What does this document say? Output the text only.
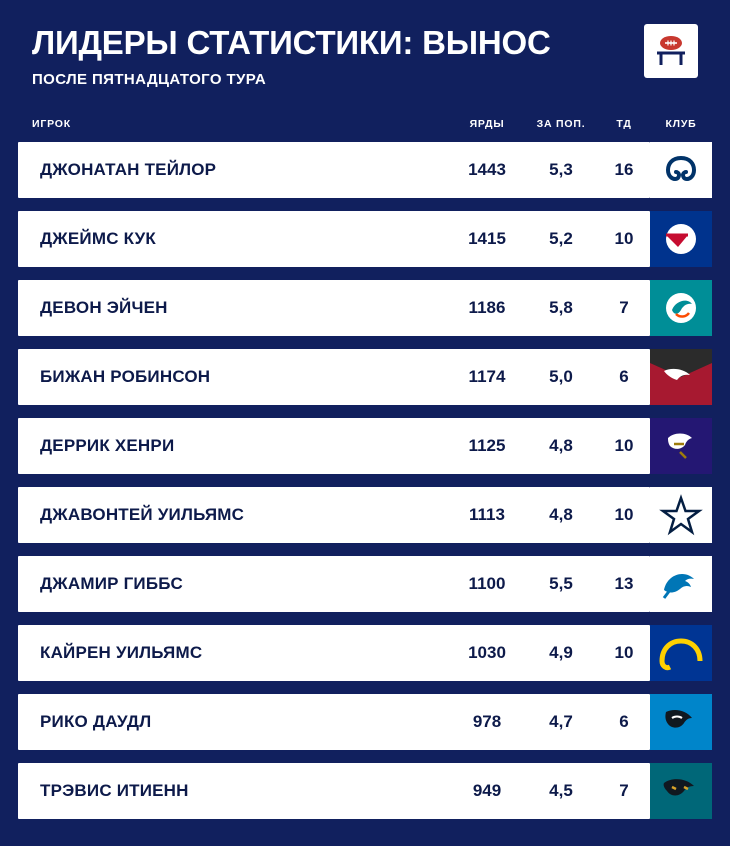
ЛИДЕРЫ СТАТИСТИКИ: ВЫНОС
ПОСЛЕ ПЯТНАДЦАТОГО ТУРА
ИГРОК	ЯРДЫ	ЗА ПОП.	ТД	КЛУБ
ДЖОНАТАН ТЕЙЛОР	1443	5,3	16
ДЖЕЙМС КУК	1415	5,2	10
ДЕВОН ЭЙЧЕН	1186	5,8	7
БИЖАН РОБИНСОН	1174	5,0	6
ДЕРРИК ХЕНРИ	1125	4,8	10
ДЖАВОНТЕЙ УИЛЬЯМС	1113	4,8	10
ДЖАМИР ГИББС	1100	5,5	13
КАЙРЕН УИЛЬЯМС	1030	4,9	10
РИКО ДАУДЛ	978	4,7	6
ТРЭВИС ИТИЕНН	949	4,5	7
